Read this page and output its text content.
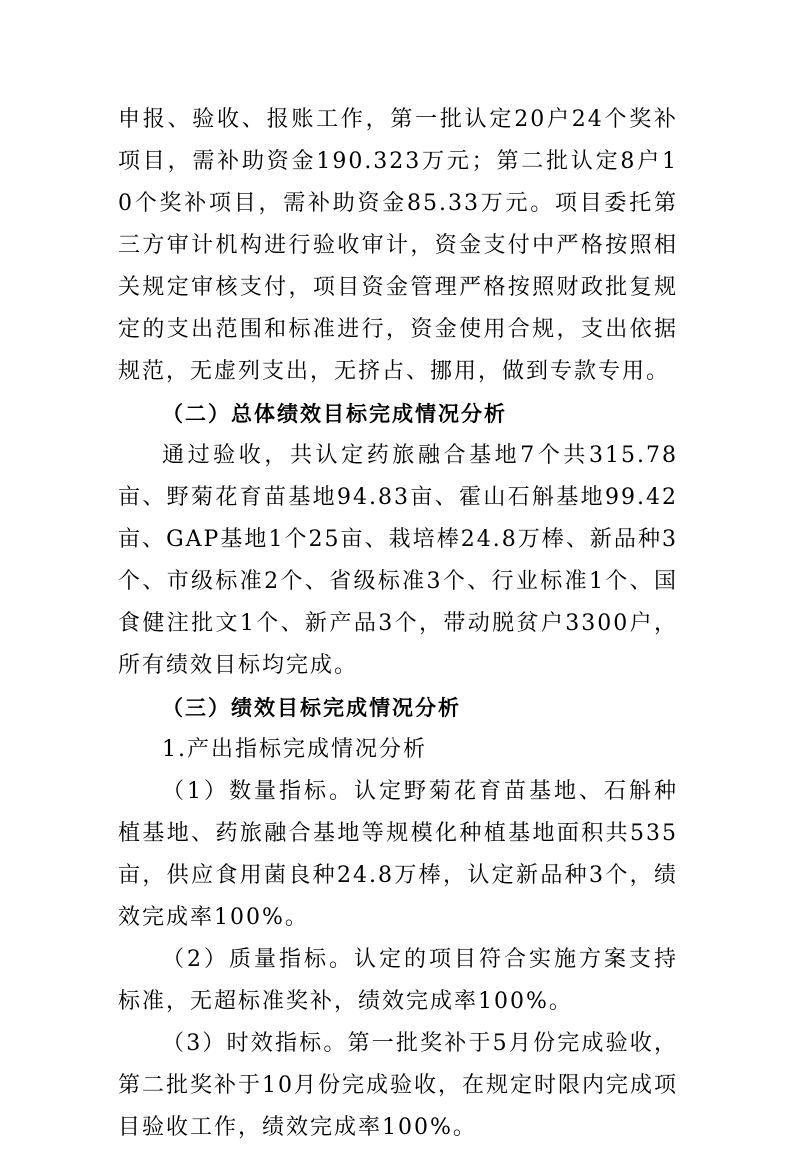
申报、验收、报账工作，第一批认定20户24个奖补项目，需补助资金190.323万元；第二批认定8户10个奖补项目，需补助资金85.33万元。项目委托第三方审计机构进行验收审计，资金支付中严格按照相关规定审核支付，项目资金管理严格按照财政批复规定的支出范围和标准进行，资金使用合规，支出依据规范，无虚列支出，无挤占、挪用，做到专款专用。

（二）总体绩效目标完成情况分析

通过验收，共认定药旅融合基地7个共315.78亩、野菊花育苗基地94.83亩、霍山石斛基地99.42亩、GAP基地1个25亩、栽培棒24.8万棒、新品种3个、市级标准2个、省级标准3个、行业标准1个、国食健注批文1个、新产品3个，带动脱贫户3300户，所有绩效目标均完成。

（三）绩效目标完成情况分析

1.产出指标完成情况分析

（1）数量指标。认定野菊花育苗基地、石斛种植基地、药旅融合基地等规模化种植基地面积共535亩，供应食用菌良种24.8万棒，认定新品种3个，绩效完成率100%。

（2）质量指标。认定的项目符合实施方案支持标准，无超标准奖补，绩效完成率100%。

（3）时效指标。第一批奖补于5月份完成验收，第二批奖补于10月份完成验收，在规定时限内完成项目验收工作，绩效完成率100%。
